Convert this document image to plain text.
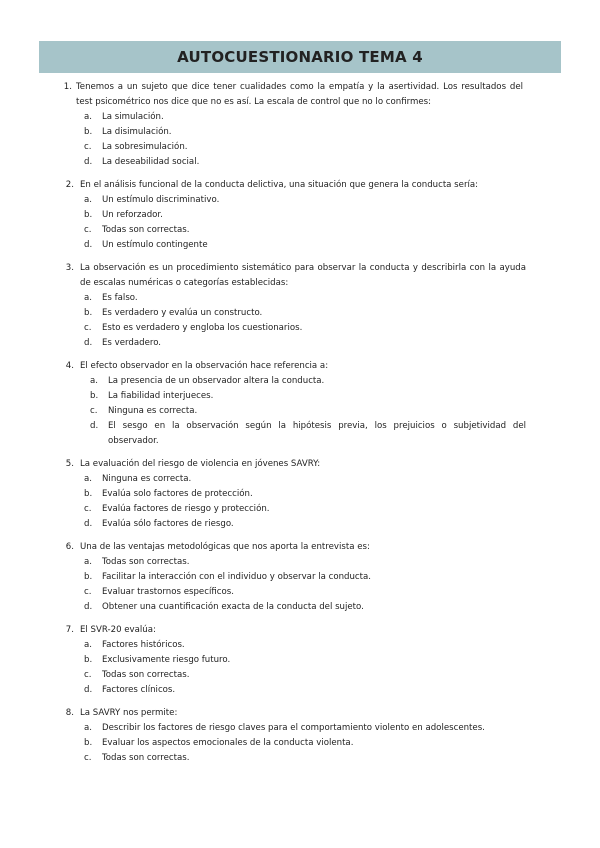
AUTOCUESTIONARIO TEMA 4
1. Tenemos a un sujeto que dice tener cualidades como la empatía y la asertividad. Los resultados del test psicométrico nos dice que no es así. La escala de control que no lo confirmes:
a. La simulación.
b. La disimulación.
c. La sobresimulación.
d. La deseabilidad social.
2. En el análisis funcional de la conducta delictiva, una situación que genera la conducta sería:
a. Un estímulo discriminativo.
b. Un reforzador.
c. Todas son correctas.
d. Un estímulo contingente
3. La observación es un procedimiento sistemático para observar la conducta y describirla con la ayuda de escalas numéricas o categorías establecidas:
a. Es falso.
b. Es verdadero y evalúa un constructo.
c. Esto es verdadero y engloba los cuestionarios.
d. Es verdadero.
4. El efecto observador en la observación hace referencia a:
a. La presencia de un observador altera la conducta.
b. La fiabilidad interjueces.
c. Ninguna es correcta.
d. El sesgo en la observación según la hipótesis previa, los prejuicios o subjetividad del observador.
5. La evaluación del riesgo de violencia en jóvenes SAVRY:
a. Ninguna es correcta.
b. Evalúa solo factores de protección.
c. Evalúa factores de riesgo y protección.
d. Evalúa sólo factores de riesgo.
6. Una de las ventajas metodológicas que nos aporta la entrevista es:
a. Todas son correctas.
b. Facilitar la interacción con el individuo y observar la conducta.
c. Evaluar trastornos específicos.
d. Obtener una cuantificación exacta de la conducta del sujeto.
7. El SVR-20 evalúa:
a. Factores históricos.
b. Exclusivamente riesgo futuro.
c. Todas son correctas.
d. Factores clínicos.
8. La SAVRY nos permite:
a. Describir los factores de riesgo claves para el comportamiento violento en adolescentes.
b. Evaluar los aspectos emocionales de la conducta violenta.
c. Todas son correctas.
